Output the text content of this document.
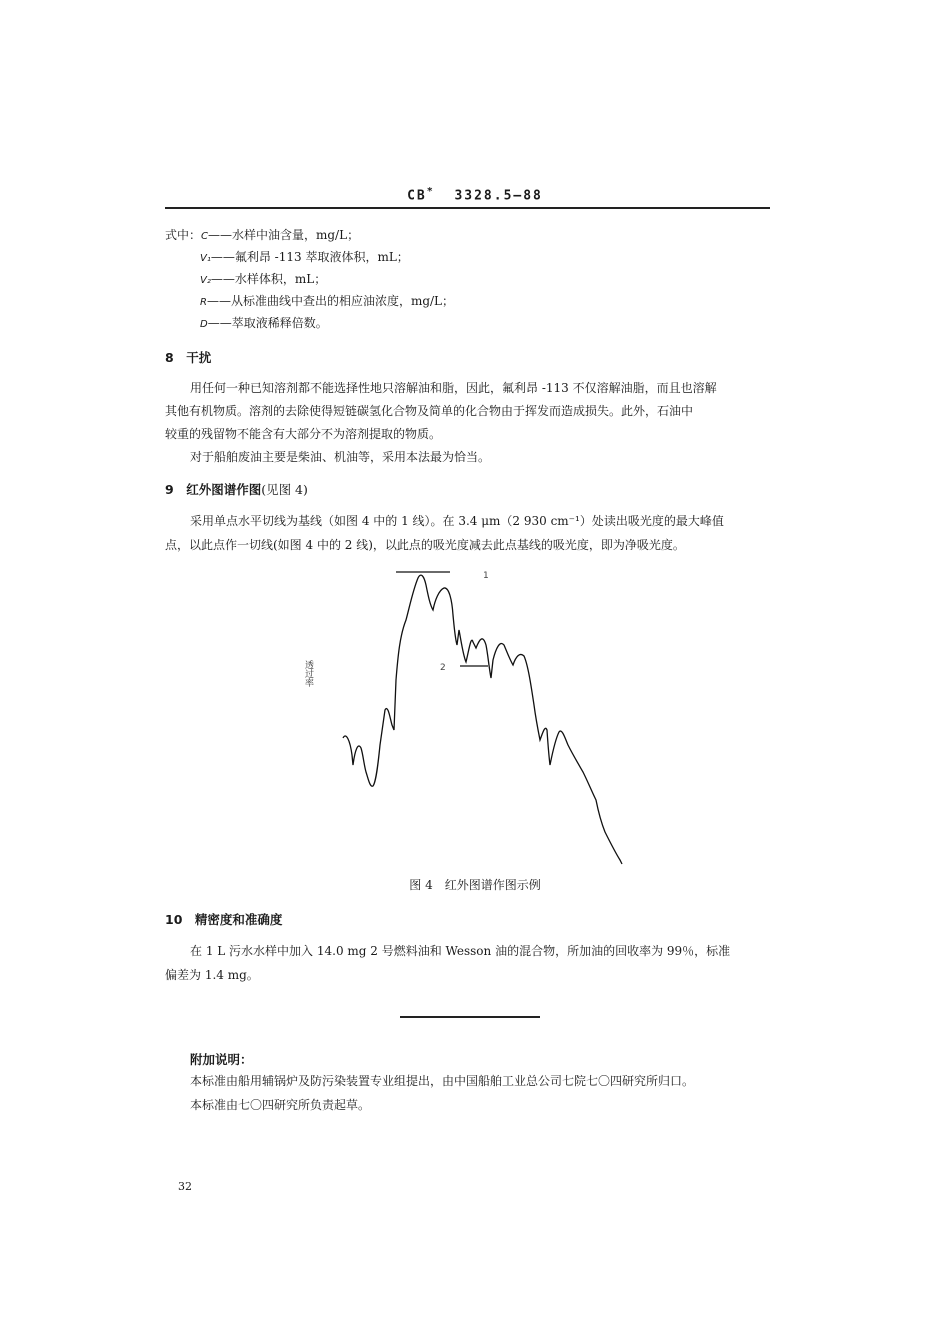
CB* 3328.5—88
式中：C——水样中油含量，mg/L；
V₁——氟利昂 -113 萃取液体积，mL；
V₂——水样体积，mL；
R——从标准曲线中查出的相应油浓度，mg/L；
D——萃取液稀释倍数。
8　干扰
用任何一种已知溶剂都不能选择性地只溶解油和脂，因此，氟利昂 -113 不仅溶解油脂，而且也溶解
其他有机物质。溶剂的去除使得短链碳氢化合物及简单的化合物由于挥发而造成损失。此外，石油中
较重的残留物不能含有大部分不为溶剂提取的物质。
对于船舶废油主要是柴油、机油等，采用本法最为恰当。
9　红外图谱作图(见图 4)
采用单点水平切线为基线（如图 4 中的 1 线）。在 3.4 μm（2 930 cm⁻¹）处读出吸光度的最大峰值
点，以此点作一切线(如图 4 中的 2 线)，以此点的吸光度减去此点基线的吸光度，即为净吸光度。
透过率
1
2
图 4　红外图谱作图示例
10　精密度和准确度
在 1 L 污水水样中加入 14.0 mg 2 号燃料油和 Wesson 油的混合物，所加油的回收率为 99％，标准
偏差为 1.4 mg。
附加说明：
本标准由船用辅锅炉及防污染装置专业组提出，由中国船舶工业总公司七院七〇四研究所归口。
本标准由七〇四研究所负责起草。
32
